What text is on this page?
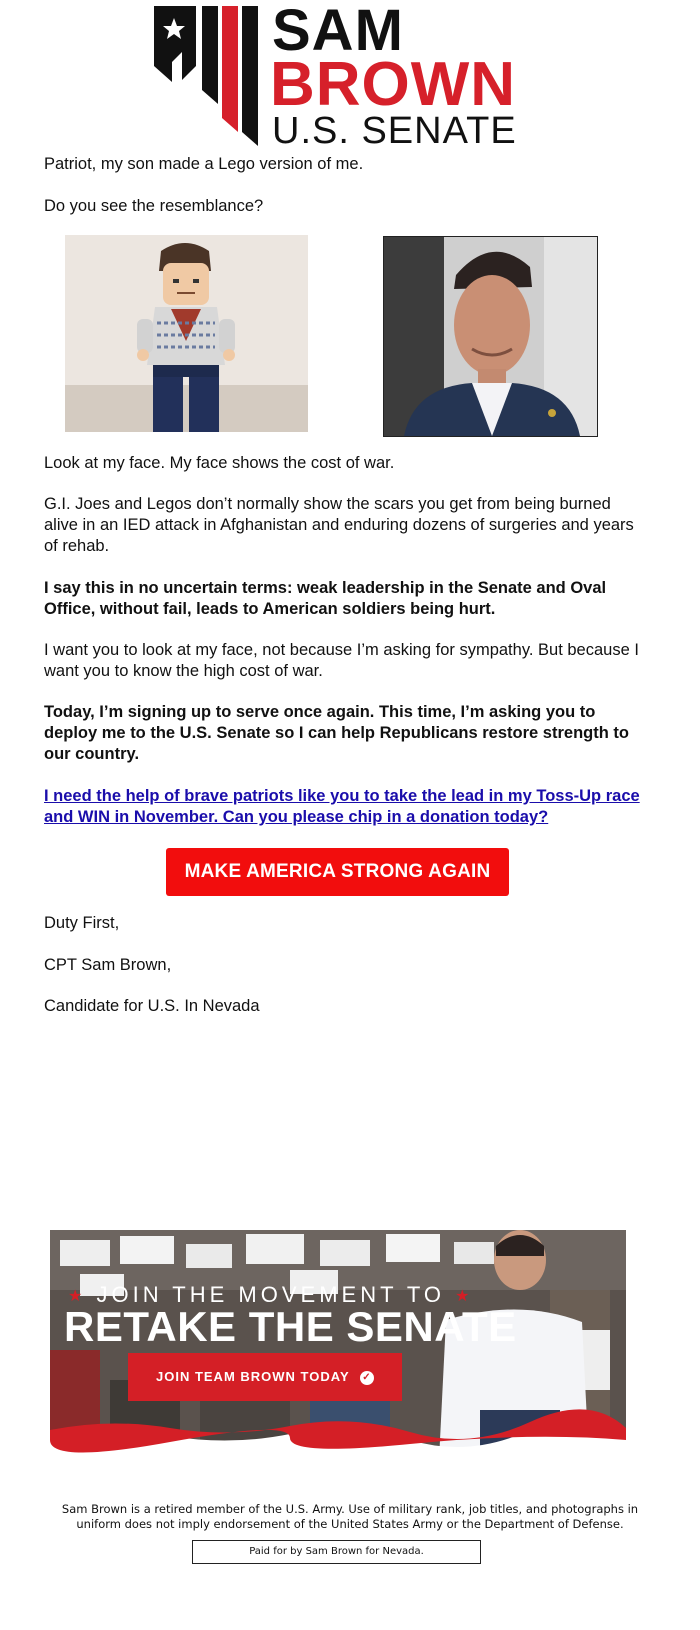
SAM
BROWN
U.S. SENATE
Patriot, my son made a Lego version of me.
Do you see the resemblance?
Look at my face. My face shows the cost of war.
G.I. Joes and Legos don’t normally show the scars you get from being burned alive in an IED attack in Afghanistan and enduring dozens of surgeries and years of rehab.
I say this in no uncertain terms: weak leadership in the Senate and Oval Office, without fail, leads to American soldiers being hurt.
I want you to look at my face, not because I’m asking for sympathy. But because I want you to know the high cost of war.
Today, I’m signing up to serve once again. This time, I’m asking you to deploy me to the U.S. Senate so I can help Republicans restore strength to our country.
I need the help of brave patriots like you to take the lead in my Toss-Up race and WIN in November. Can you please chip in a donation today?
MAKE AMERICA STRONG AGAIN
Duty First,
CPT Sam Brown,
Candidate for U.S. In Nevada
★ JOIN THE MOVEMENT TO ★
RETAKE THE SENATE
JOIN TEAM BROWN TODAY ✓
Sam Brown is a retired member of the U.S. Army. Use of military rank, job titles, and photographs in uniform does not imply endorsement of the United States Army or the Department of Defense.
Paid for by Sam Brown for Nevada.
